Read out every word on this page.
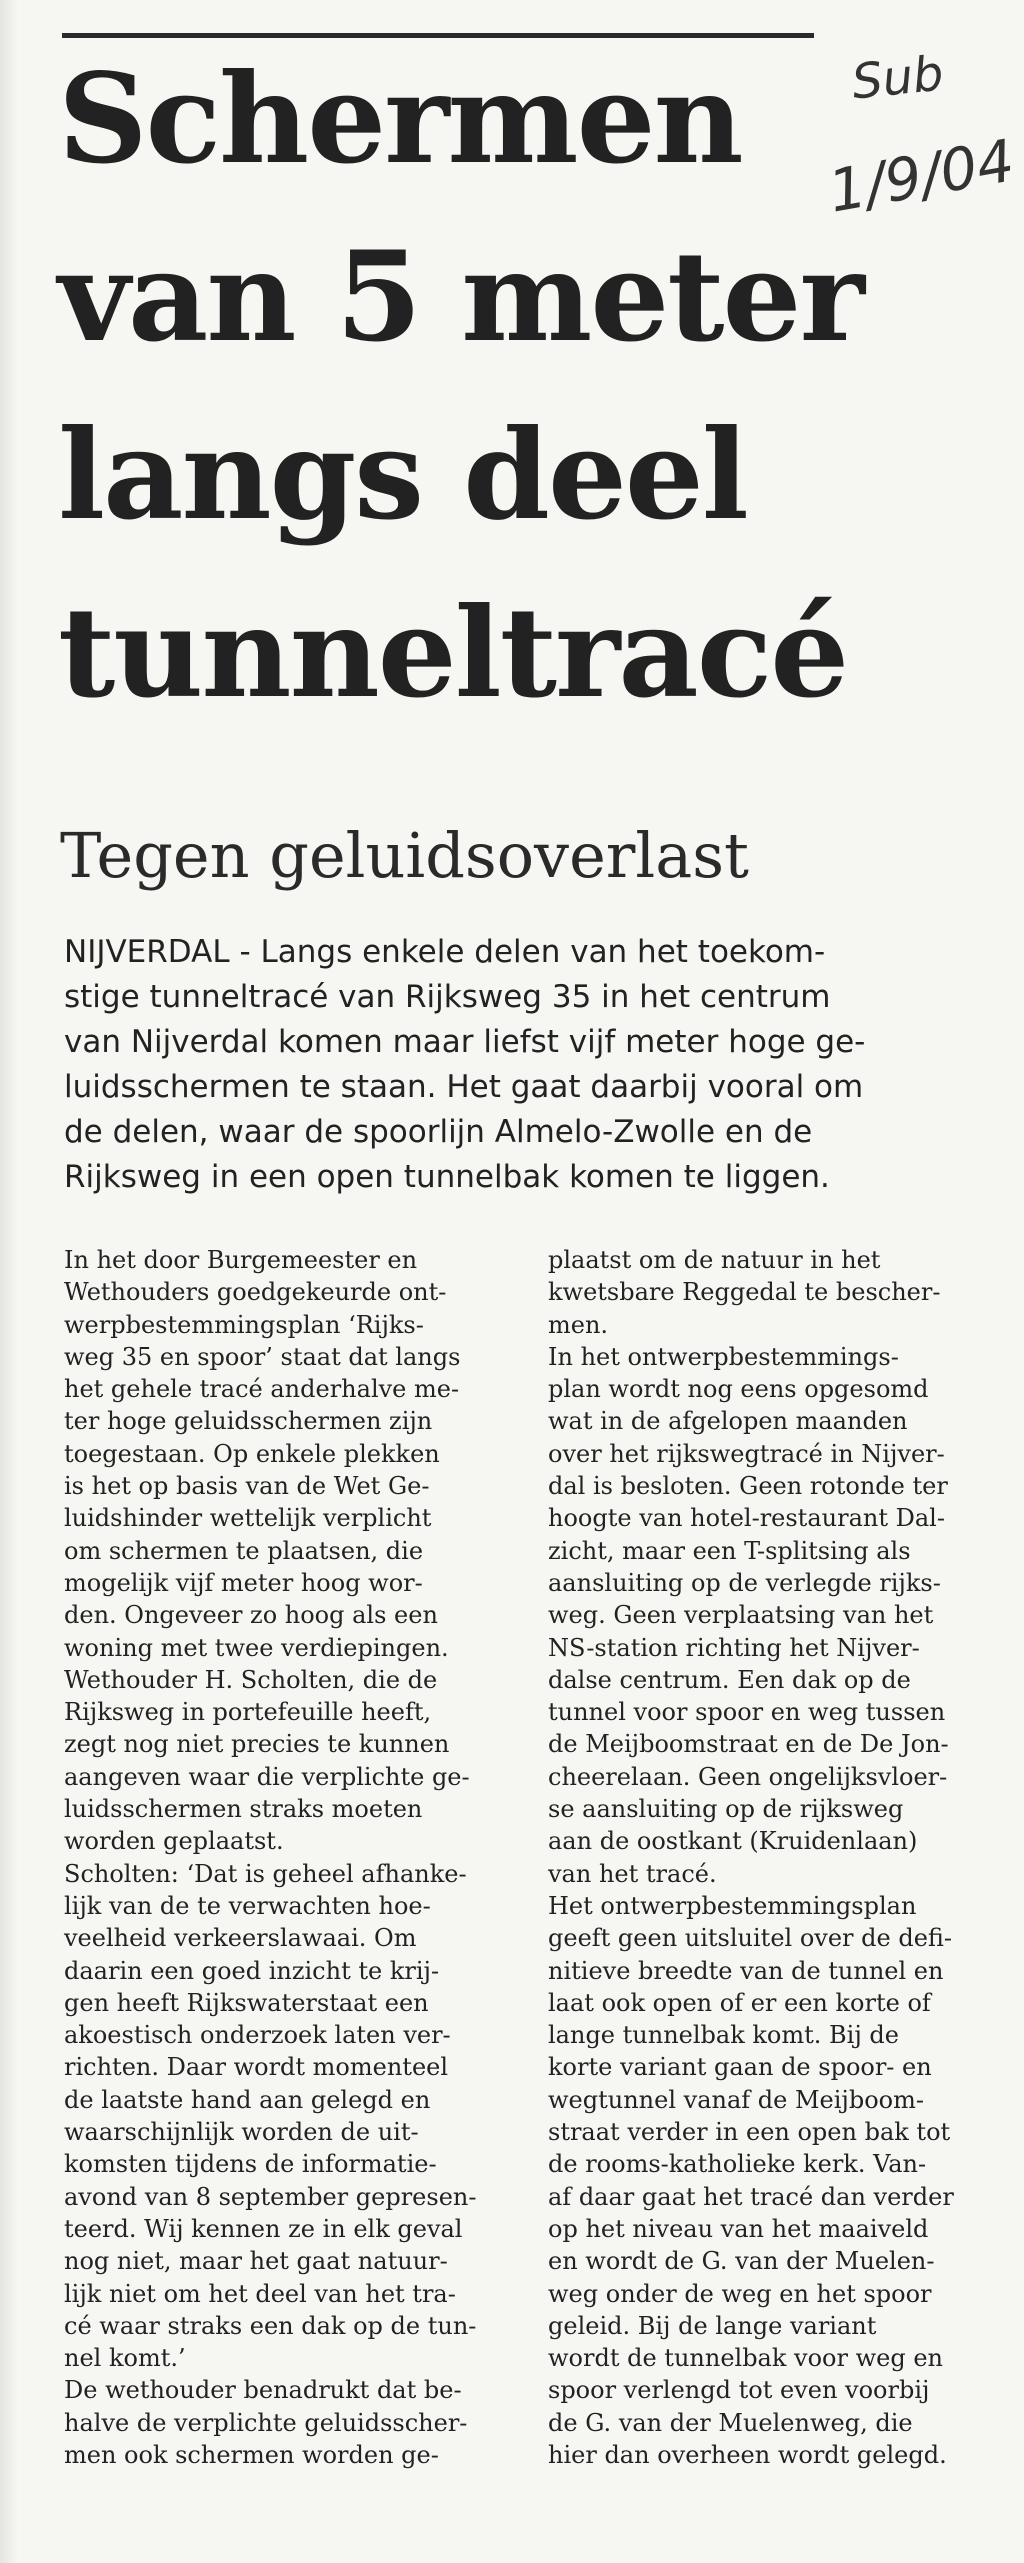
Schermen
van 5 meter
langs deel
tunneltracé
Sub
1/9/04
Tegen geluidsoverlast
NIJVERDAL - Langs enkele delen van het toekom-
stige tunneltracé van Rijksweg 35 in het centrum
van Nijverdal komen maar liefst vijf meter hoge ge-
luidsschermen te staan. Het gaat daarbij vooral om
de delen, waar de spoorlijn Almelo-Zwolle en de
Rijksweg in een open tunnelbak komen te liggen.
In het door Burgemeester en
Wethouders goedgekeurde ont-
werpbestemmingsplan ‘Rijks-
weg 35 en spoor’ staat dat langs
het gehele tracé anderhalve me-
ter hoge geluidsschermen zijn
toegestaan. Op enkele plekken
is het op basis van de Wet Ge-
luidshinder wettelijk verplicht
om schermen te plaatsen, die
mogelijk vijf meter hoog wor-
den. Ongeveer zo hoog als een
woning met twee verdiepingen.
Wethouder H. Scholten, die de
Rijksweg in portefeuille heeft,
zegt nog niet precies te kunnen
aangeven waar die verplichte ge-
luidsschermen straks moeten
worden geplaatst.
Scholten: ‘Dat is geheel afhanke-
lijk van de te verwachten hoe-
veelheid verkeerslawaai. Om
daarin een goed inzicht te krij-
gen heeft Rijkswaterstaat een
akoestisch onderzoek laten ver-
richten. Daar wordt momenteel
de laatste hand aan gelegd en
waarschijnlijk worden de uit-
komsten tijdens de informatie-
avond van 8 september gepresen-
teerd. Wij kennen ze in elk geval
nog niet, maar het gaat natuur-
lijk niet om het deel van het tra-
cé waar straks een dak op de tun-
nel komt.’
De wethouder benadrukt dat be-
halve de verplichte geluidsscher-
men ook schermen worden ge-
plaatst om de natuur in het
kwetsbare Reggedal te bescher-
men.
In het ontwerpbestemmings-
plan wordt nog eens opgesomd
wat in de afgelopen maanden
over het rijkswegtracé in Nijver-
dal is besloten. Geen rotonde ter
hoogte van hotel-restaurant Dal-
zicht, maar een T-splitsing als
aansluiting op de verlegde rijks-
weg. Geen verplaatsing van het
NS-station richting het Nijver-
dalse centrum. Een dak op de
tunnel voor spoor en weg tussen
de Meijboomstraat en de De Jon-
cheerelaan. Geen ongelijksvloer-
se aansluiting op de rijksweg
aan de oostkant (Kruidenlaan)
van het tracé.
Het ontwerpbestemmingsplan
geeft geen uitsluitel over de defi-
nitieve breedte van de tunnel en
laat ook open of er een korte of
lange tunnelbak komt. Bij de
korte variant gaan de spoor- en
wegtunnel vanaf de Meijboom-
straat verder in een open bak tot
de rooms-katholieke kerk. Van-
af daar gaat het tracé dan verder
op het niveau van het maaiveld
en wordt de G. van der Muelen-
weg onder de weg en het spoor
geleid. Bij de lange variant
wordt de tunnelbak voor weg en
spoor verlengd tot even voorbij
de G. van der Muelenweg, die
hier dan overheen wordt gelegd.
